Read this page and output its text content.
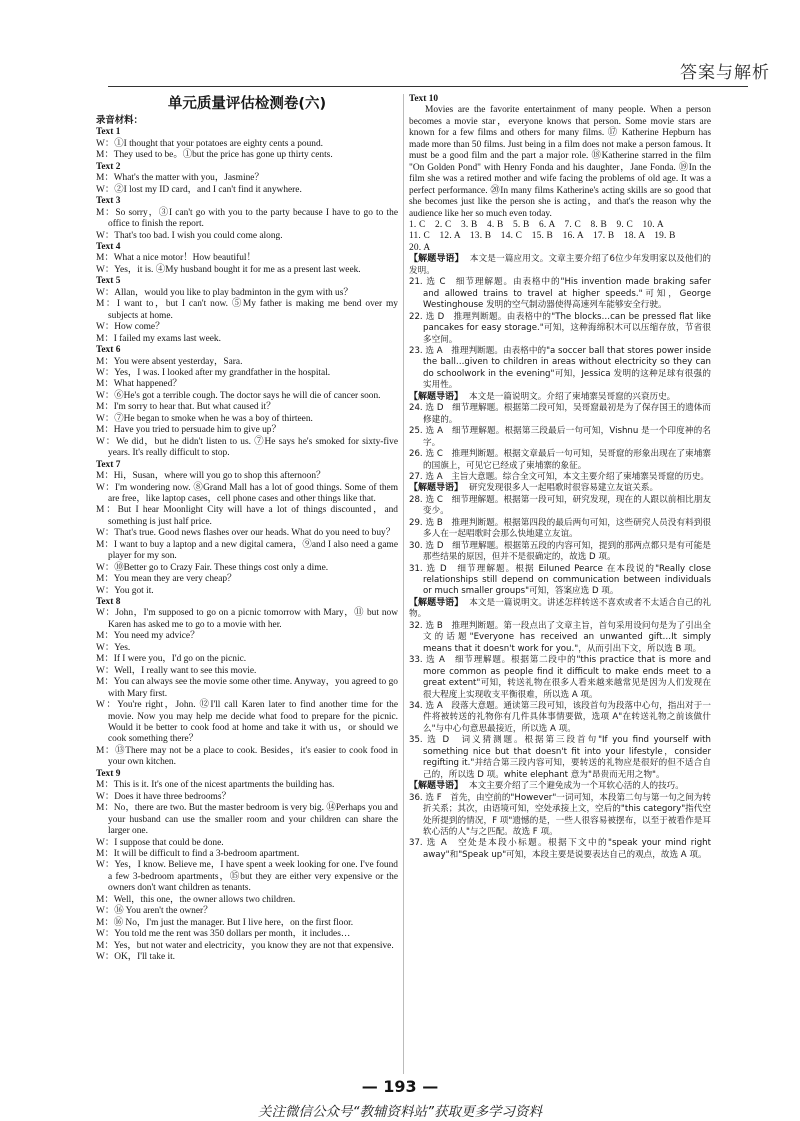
答案与解析
单元质量评估检测卷(六)
录音材料：
Text 1
W：①I thought that your potatoes are eighty cents a pound.
M：They used to be。①but the price has gone up thirty cents.
Text 2
M：What's the matter with you，Jasmine？
W：②I lost my ID card，and I can't find it anywhere.
Text 3
M：So sorry，③I can't go with you to the party because I have to go to the office to finish the report.
W：That's too bad. I wish you could come along.
Text 4
M：What a nice motor！How beautiful！
W：Yes，it is. ④My husband bought it for me as a present last week.
Text 5
W：Allan，would you like to play badminton in the gym with us？
M：I want to，but I can't now. ⑤My father is making me bend over my subjects at home.
W：How come？
M：I failed my exams last week.
Text 6
M：You were absent yesterday，Sara.
W：Yes，I was. I looked after my grandfather in the hospital.
M：What happened？
W：⑥He's got a terrible cough. The doctor says he will die of cancer soon.
M：I'm sorry to hear that. But what caused it？
W：⑦He began to smoke when he was a boy of thirteen.
M：Have you tried to persuade him to give up？
W：We did，but he didn't listen to us. ⑦He says he's smoked for sixty-five years. It's really difficult to stop.
Text 7
M：Hi，Susan，where will you go to shop this afternoon？
W：I'm wondering now. ⑧Grand Mall has a lot of good things. Some of them are free，like laptop cases，cell phone cases and other things like that.
M：But I hear Moonlight City will have a lot of things discounted，and something is just half price.
W：That's true. Good news flashes over our heads. What do you need to buy？
M：I want to buy a laptop and a new digital camera，⑨and I also need a game player for my son.
W：⑩Better go to Crazy Fair. These things cost only a dime.
M：You mean they are very cheap？
W：You got it.
Text 8
W：John，I'm supposed to go on a picnic tomorrow with Mary，⑪ but now Karen has asked me to go to a movie with her.
M：You need my advice？
W：Yes.
M：If I were you，I'd go on the picnic.
W：Well，I really want to see this movie.
M：You can always see the movie some other time. Anyway，you agreed to go with Mary first.
W：You're right，John. ⑫I'll call Karen later to find another time for the movie. Now you may help me decide what food to prepare for the picnic. Would it be better to cook food at home and take it with us，or should we cook something there？
M：⑬There may not be a place to cook. Besides，it's easier to cook food in your own kitchen.
Text 9
M：This is it. It's one of the nicest apartments the building has.
W：Does it have three bedrooms？
M：No，there are two. But the master bedroom is very big. ⑭Perhaps you and your husband can use the smaller room and your children can share the larger one.
W：I suppose that could be done.
M：It will be difficult to find a 3-bedroom apartment.
W：Yes，I know. Believe me，I have spent a week looking for one. I've found a few 3-bedroom apartments，⑮but they are either very expensive or the owners don't want children as tenants.
M：Well，this one，the owner allows two children.
W：⑯ You aren't the owner？
M：⑯ No，I'm just the manager. But I live here，on the first floor.
W：You told me the rent was 350 dollars per month，it includes…
M：Yes，but not water and electricity，you know they are not that expensive.
W：OK，I'll take it.
Text 10

Movies are the favorite entertainment of many people. When a person becomes a movie star，everyone knows that person. Some movie stars are known for a few films and others for many films. ⑰ Katherine Hepburn has made more than 50 films. Just being in a film does not make a person famous. It must be a good film and the part a major role. ⑱Katherine starred in the film "On Golden Pond" with Henry Fonda and his daughter，Jane Fonda. ⑲In the film she was a retired mother and wife facing the problems of old age. It was a perfect performance. ⑳In many films Katherine's acting skills are so good that she becomes just like the person she is acting，and that's the reason why the audience like her so much even today.

1. C　2. C　3. B　4. B　5. B　6. A　7. C　8. B　9. C　10. A
11. C　12. A　13. B　14. C　15. B　16. A　17. B　18. A　19. B
20. A
【解题导语】 本文是一篇应用文。文章主要介绍了6位少年发明家以及他们的发明。
21. 选 C　细节理解题。由表格中的"His invention made braking safer and allowed trains to travel at higher speeds."可知，George Westinghouse 发明的空气制动器使得高速列车能够安全行驶。
22. 选 D　推理判断题。由表格中的"The blocks…can be pressed flat like pancakes for easy storage."可知，这种海绵积木可以压缩存放，节省很多空间。
23. 选 A　推理判断题。由表格中的"a soccer ball that stores power inside the ball…given to children in areas without electricity so they can do schoolwork in the evening"可知，Jessica 发明的这种足球有很强的实用性。
【解题导语】 本文是一篇说明文。介绍了柬埔寨吴哥窟的兴衰历史。
24. 选 D　细节理解题。根据第二段可知，吴哥窟最初是为了保存国王的遗体而修建的。
25. 选 A　细节理解题。根据第三段最后一句可知，Vishnu 是一个印度神的名字。
26. 选 C　推理判断题。根据文章最后一句可知，吴哥窟的形象出现在了柬埔寨的国旗上，可见它已经成了柬埔寨的象征。
27. 选 A　主旨大意题。综合全文可知，本文主要介绍了柬埔寨吴哥窟的历史。
【解题导语】 研究发现很多人一起唱歌时很容易建立友谊关系。
28. 选 C　细节理解题。根据第一段可知，研究发现，现在的人跟以前相比朋友变少。
29. 选 B　推理判断题。根据第四段的最后两句可知，这些研究人员没有料到很多人在一起唱歌时会那么快地建立友谊。
30. 选 D　细节理解题。根据第五段的内容可知，提到的那两点都只是有可能是那些结果的原因，但并不是很确定的，故选 D 项。
31. 选 D　细节理解题。根据 Eiluned Pearce 在本段说的"Really close relationships still depend on communication between individuals or much smaller groups"可知，答案应选 D 项。
【解题导语】 本文是一篇说明文。讲述怎样转送不喜欢或者不太适合自己的礼物。
32. 选 B　推理判断题。第一段点出了文章主旨，首句采用设问句是为了引出全文的话题"Everyone has received an unwanted gift…It simply means that it doesn't work for you."，从而引出下文，所以选 B 项。
33. 选 A　细节理解题。根据第二段中的"this practice that is more and more common as people find it difficult to make ends meet to a great extent"可知，转送礼物在很多人看来越来越常见是因为人们发现在很大程度上实现收支平衡很难，所以选 A 项。
34. 选 A　段落大意题。通读第三段可知，该段首句为段落中心句，指出对于一件将被转送的礼物你有几件具体事情要做，选项 A"在转送礼物之前该做什么"与中心句意思最接近，所以选 A 项。
35. 选 D　词义猜测题。根据第三段首句"If you find yourself with something nice but that doesn't fit into your lifestyle，consider regifting it."并结合第三段内容可知，要转送的礼物应是很好的但不适合自己的，所以选 D 项。white elephant 意为"昂贵而无用之物"。
【解题导语】 本文主要介绍了三个避免成为一个耳软心活的人的技巧。
36. 选 F　首先，由空前的"However"一词可知，本段第二句与第一句之间为转折关系；其次，由语境可知，空处承接上文，空后的"this category"指代空处所提到的情况，F 项"遗憾的是，一些人很容易被摆布，以至于被看作是耳软心活的人"与之匹配。故选 F 项。
37. 选 A　空处是本段小标题。根据下文中的"speak your mind right away"和"Speak up"可知，本段主要是说要表达自己的观点，故选 A 项。
— 193 —
关注微信公众号“教辅资料站”获取更多学习资料
